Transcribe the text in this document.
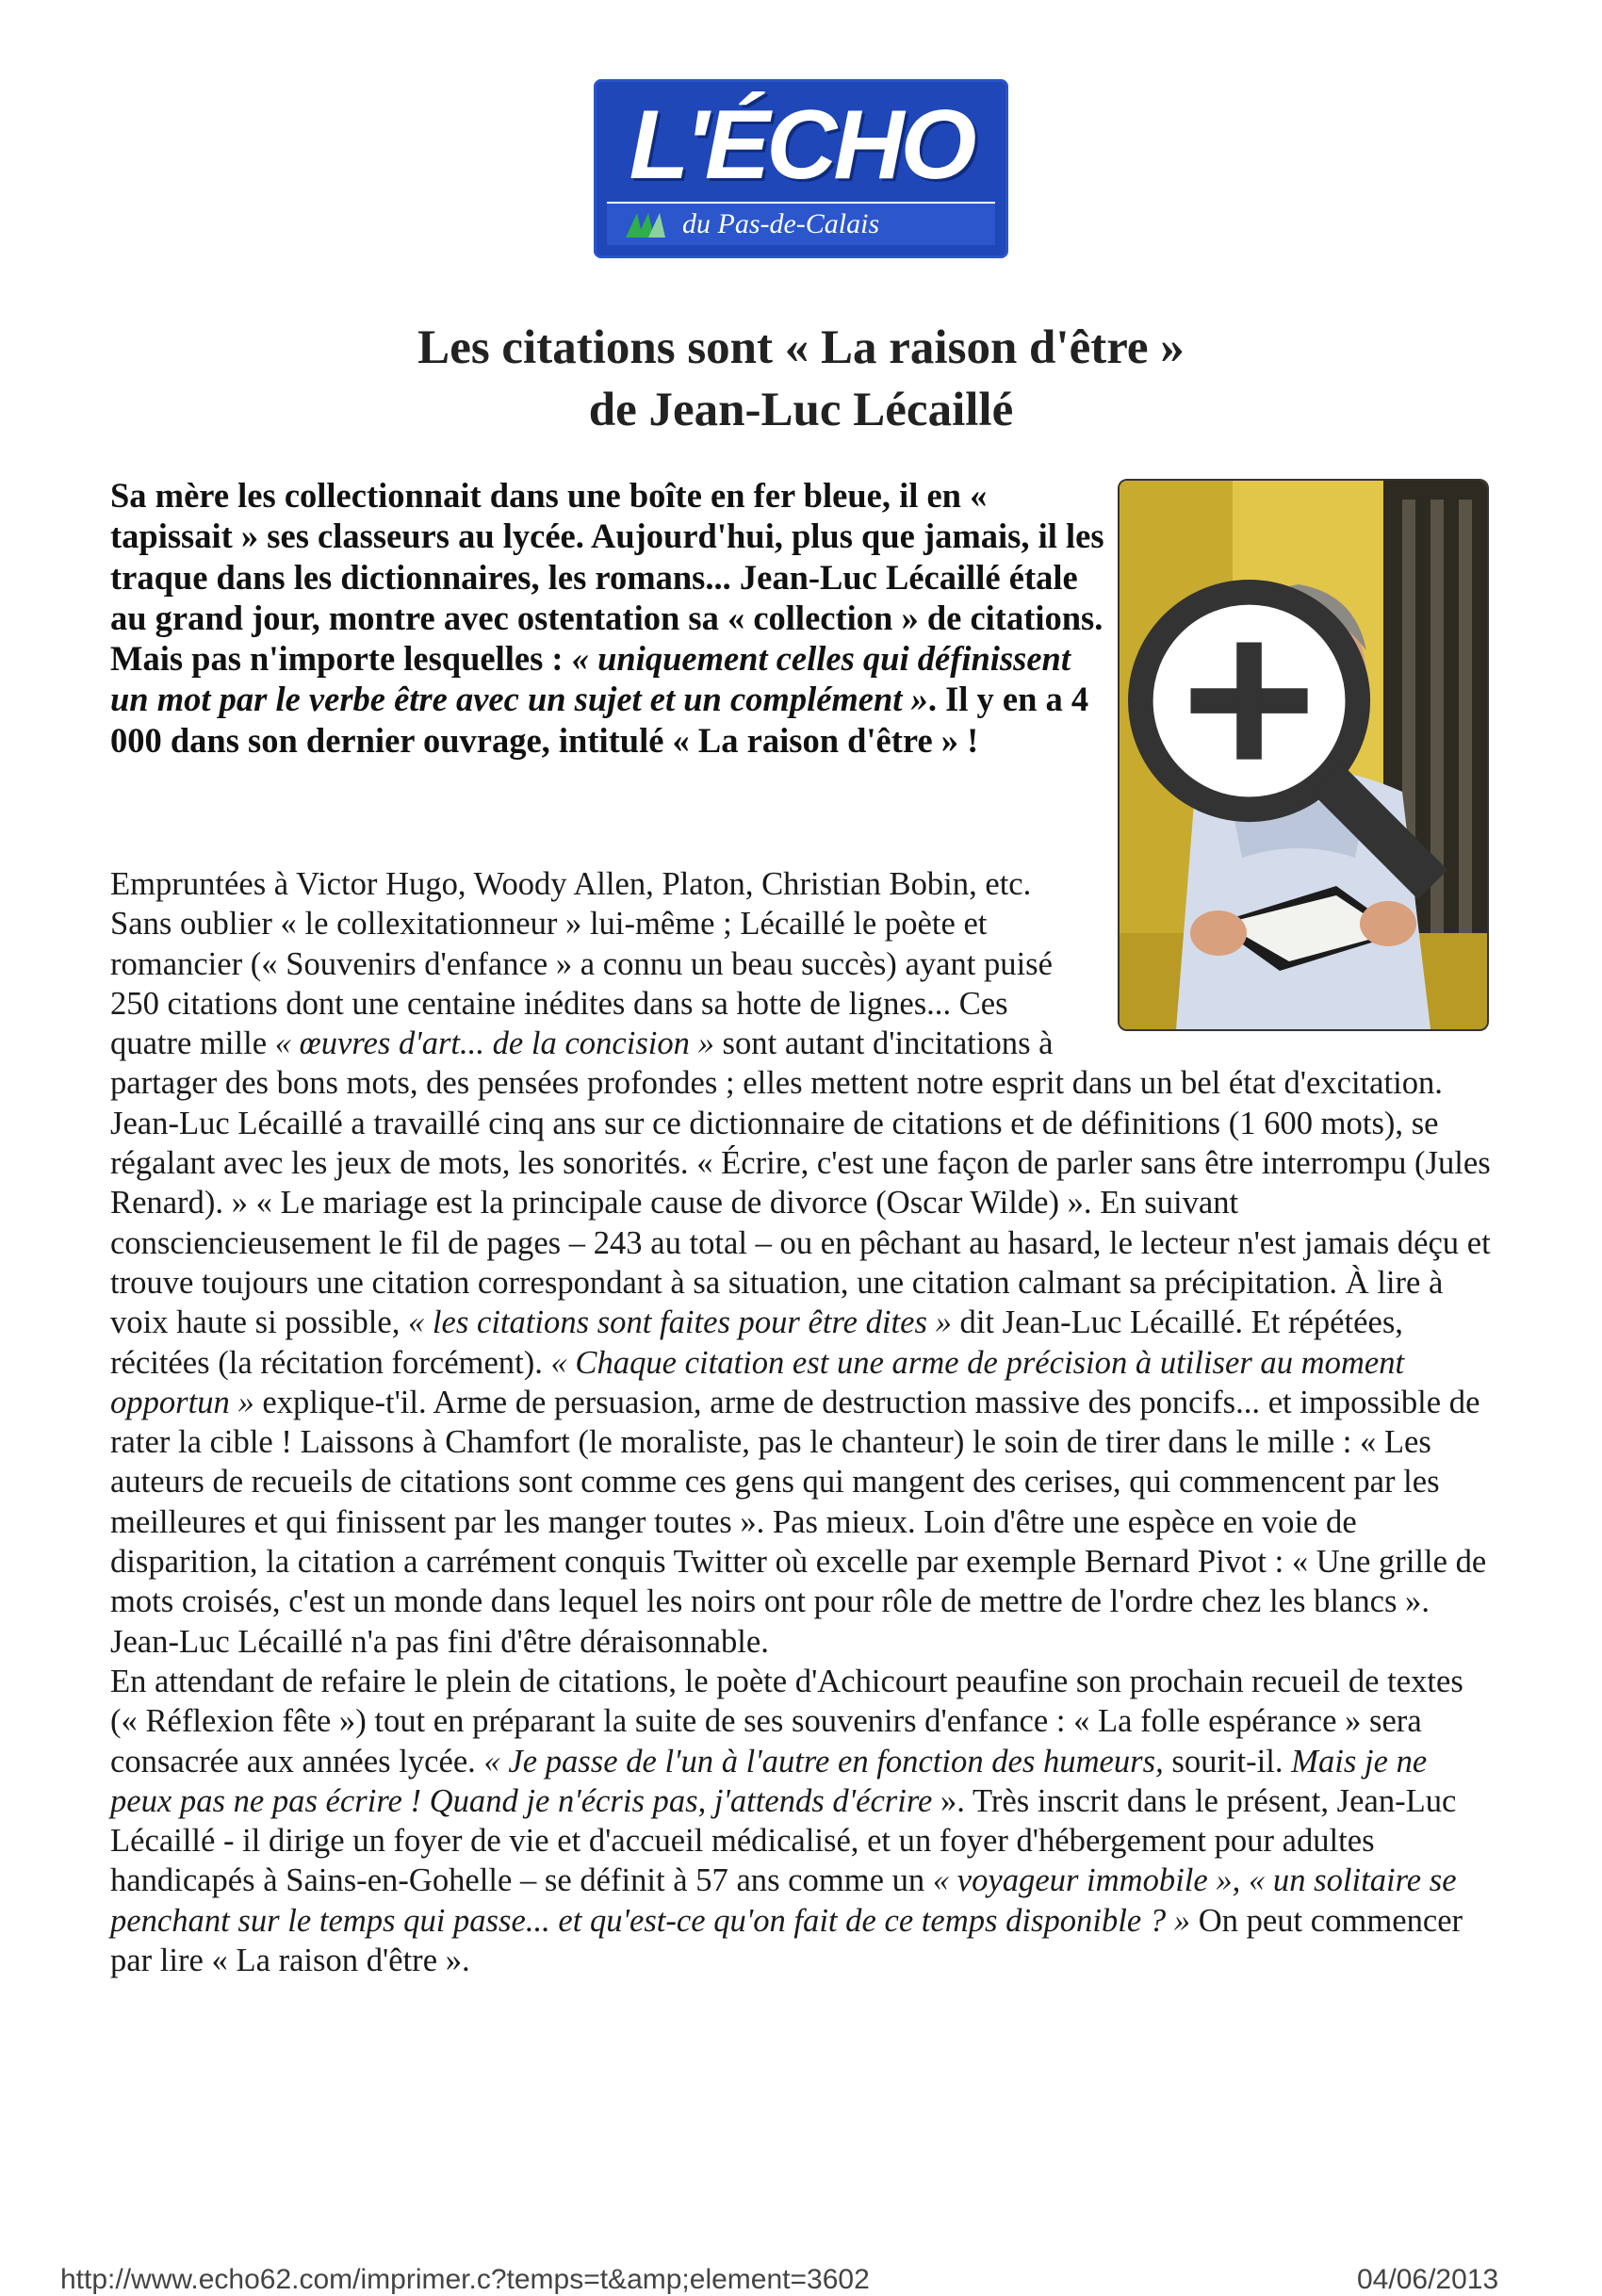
L'ÉCHO
du Pas-de-Calais
Les citations sont « La raison d'être »
de Jean-Luc Lécaillé

Sa mère les collectionnait dans une boîte en fer bleue, il en « tapissait » ses classeurs au lycée. Aujourd'hui, plus que jamais, il les traque dans les dictionnaires, les romans... Jean-Luc Lécaillé étale au grand jour, montre avec ostentation sa « collection » de citations. Mais pas n'importe lesquelles : « uniquement celles qui définissent un mot par le verbe être avec un sujet et un complément ». Il y en a 4 000 dans son dernier ouvrage, intitulé « La raison d'être » !

Empruntées à Victor Hugo, Woody Allen, Platon, Christian Bobin, etc. Sans oublier « le collexitationneur » lui-même ; Lécaillé le poète et romancier (« Souvenirs d'enfance » a connu un beau succès) ayant puisé 250 citations dont une centaine inédites dans sa hotte de lignes... Ces quatre mille « œuvres d'art... de la concision » sont autant d'incitations à partager des bons mots, des pensées profondes ; elles mettent notre esprit dans un bel état d'excitation. Jean-Luc Lécaillé a travaillé cinq ans sur ce dictionnaire de citations et de définitions (1 600 mots), se régalant avec les jeux de mots, les sonorités. « Écrire, c'est une façon de parler sans être interrompu (Jules Renard). » « Le mariage est la principale cause de divorce (Oscar Wilde) ». En suivant consciencieusement le fil de pages – 243 au total – ou en pêchant au hasard, le lecteur n'est jamais déçu et trouve toujours une citation correspondant à sa situation, une citation calmant sa précipitation. À lire à voix haute si possible, « les citations sont faites pour être dites » dit Jean-Luc Lécaillé. Et répétées, récitées (la récitation forcément). « Chaque citation est une arme de précision à utiliser au moment opportun » explique-t'il. Arme de persuasion, arme de destruction massive des poncifs... et impossible de rater la cible ! Laissons à Chamfort (le moraliste, pas le chanteur) le soin de tirer dans le mille : « Les auteurs de recueils de citations sont comme ces gens qui mangent des cerises, qui commencent par les meilleures et qui finissent par les manger toutes ». Pas mieux. Loin d'être une espèce en voie de disparition, la citation a carrément conquis Twitter où excelle par exemple Bernard Pivot : « Une grille de mots croisés, c'est un monde dans lequel les noirs ont pour rôle de mettre de l'ordre chez les blancs ». Jean-Luc Lécaillé n'a pas fini d'être déraisonnable.
En attendant de refaire le plein de citations, le poète d'Achicourt peaufine son prochain recueil de textes (« Réflexion fête ») tout en préparant la suite de ses souvenirs d'enfance : « La folle espérance » sera consacrée aux années lycée. « Je passe de l'un à l'autre en fonction des humeurs, sourit-il. Mais je ne peux pas ne pas écrire ! Quand je n'écris pas, j'attends d'écrire ». Très inscrit dans le présent, Jean-Luc Lécaillé - il dirige un foyer de vie et d'accueil médicalisé, et un foyer d'hébergement pour adultes handicapés à Sains-en-Gohelle – se définit à 57 ans comme un « voyageur immobile », « un solitaire se penchant sur le temps qui passe... et qu'est-ce qu'on fait de ce temps disponible ? » On peut commencer par lire « La raison d'être ».
http://www.echo62.com/imprimer.c?temps=t&amp;element=3602	04/06/2013
